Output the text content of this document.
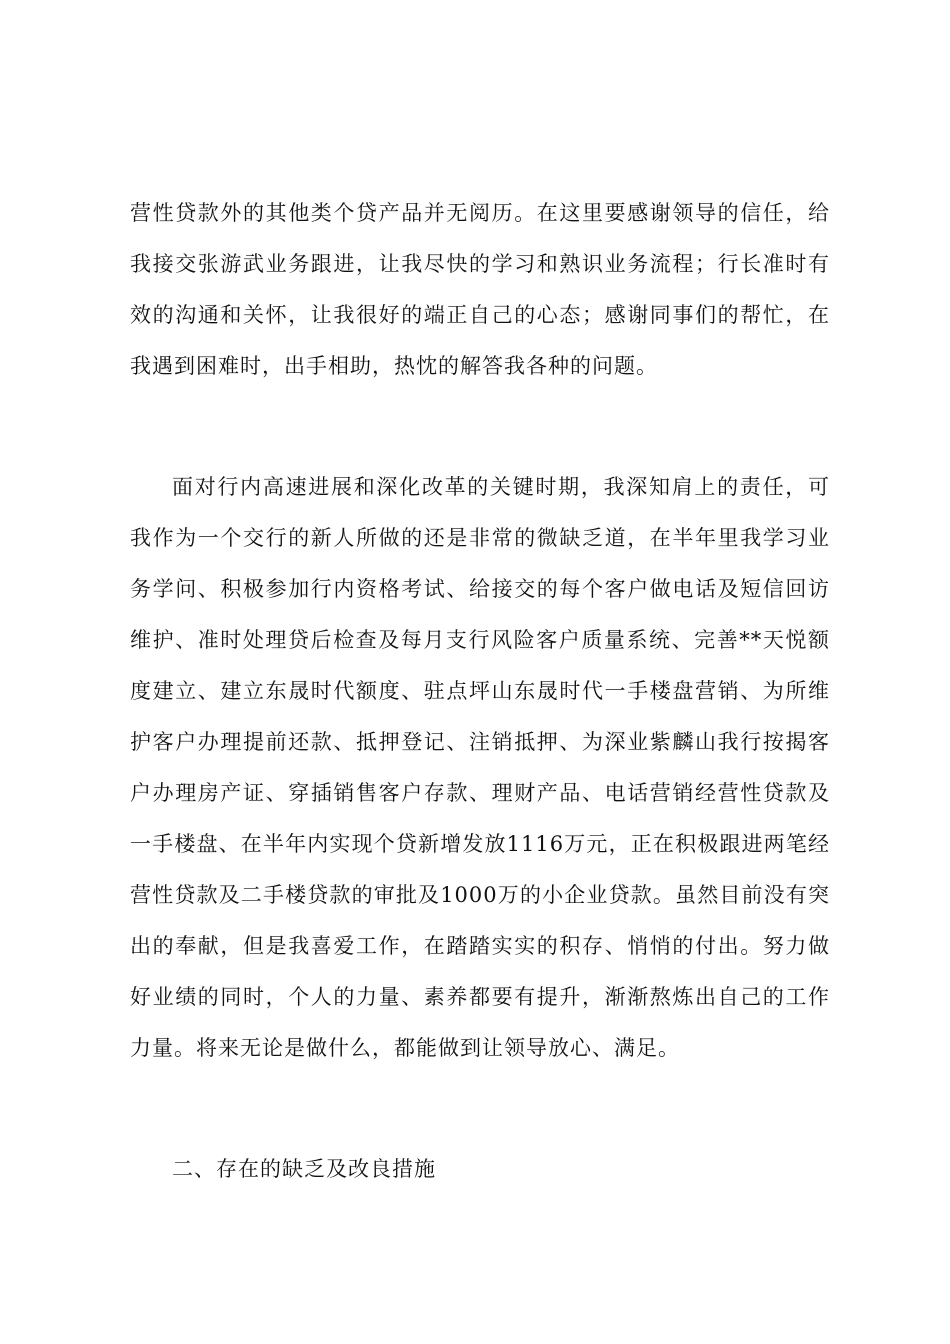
营性贷款外的其他类个贷产品并无阅历。在这里要感谢领导的信任，给我接交张游武业务跟进，让我尽快的学习和熟识业务流程；行长准时有效的沟通和关怀，让我很好的端正自己的心态；感谢同事们的帮忙，在我遇到困难时，出手相助，热忱的解答我各种的问题。

面对行内高速进展和深化改革的关键时期，我深知肩上的责任，可我作为一个交行的新人所做的还是非常的微缺乏道，在半年里我学习业务学问、积极参加行内资格考试、给接交的每个客户做电话及短信回访维护、准时处理贷后检查及每月支行风险客户质量系统、完善**天悦额度建立、建立东晟时代额度、驻点坪山东晟时代一手楼盘营销、为所维护客户办理提前还款、抵押登记、注销抵押、为深业紫麟山我行按揭客户办理房产证、穿插销售客户存款、理财产品、电话营销经营性贷款及一手楼盘、在半年内实现个贷新增发放1116万元，正在积极跟进两笔经营性贷款及二手楼贷款的审批及1000万的小企业贷款。虽然目前没有突出的奉献，但是我喜爱工作，在踏踏实实的积存、悄悄的付出。努力做好业绩的同时，个人的力量、素养都要有提升，渐渐熬炼出自己的工作力量。将来无论是做什么，都能做到让领导放心、满足。

二、存在的缺乏及改良措施
